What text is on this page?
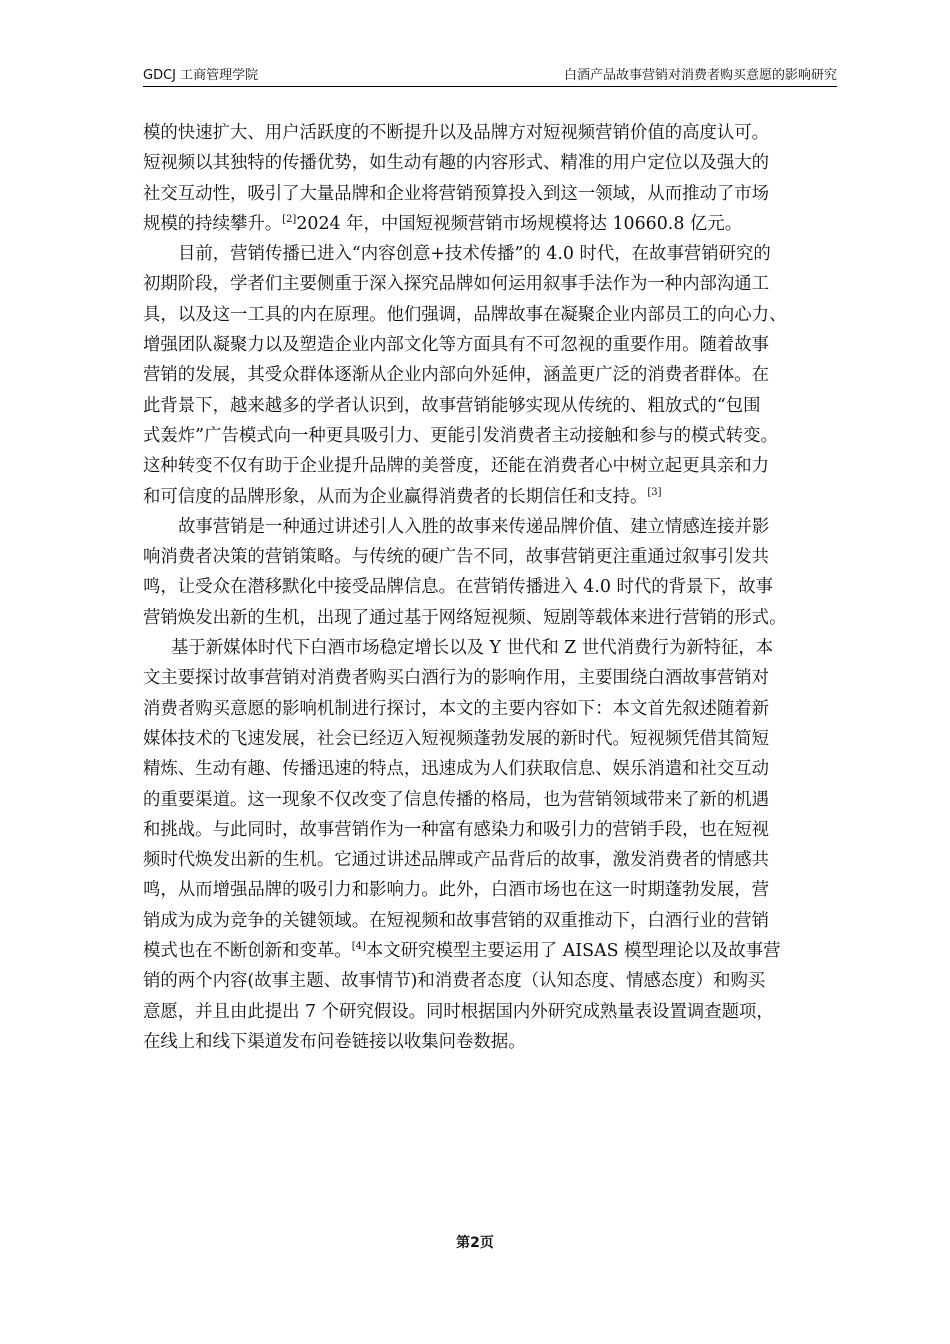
GDCJ 工商管理学院	白酒产品故事营销对消费者购买意愿的影响研究
模的快速扩大、用户活跃度的不断提升以及品牌方对短视频营销价值的高度认可。
短视频以其独特的传播优势，如生动有趣的内容形式、精准的用户定位以及强大的
社交互动性，吸引了大量品牌和企业将营销预算投入到这一领域，从而推动了市场
规模的持续攀升。[2]2024 年，中国短视频营销市场规模将达 10660.8 亿元。
目前，营销传播已进入“内容创意+技术传播”的 4.0 时代，在故事营销研究的
初期阶段，学者们主要侧重于深入探究品牌如何运用叙事手法作为一种内部沟通工
具，以及这一工具的内在原理。他们强调，品牌故事在凝聚企业内部员工的向心力、
增强团队凝聚力以及塑造企业内部文化等方面具有不可忽视的重要作用。随着故事
营销的发展，其受众群体逐渐从企业内部向外延伸，涵盖更广泛的消费者群体。在
此背景下，越来越多的学者认识到，故事营销能够实现从传统的、粗放式的“包围
式轰炸”广告模式向一种更具吸引力、更能引发消费者主动接触和参与的模式转变。
这种转变不仅有助于企业提升品牌的美誉度，还能在消费者心中树立起更具亲和力
和可信度的品牌形象，从而为企业赢得消费者的长期信任和支持。[3]
故事营销是一种通过讲述引人入胜的故事来传递品牌价值、建立情感连接并影
响消费者决策的营销策略。与传统的硬广告不同，故事营销更注重通过叙事引发共
鸣，让受众在潜移默化中接受品牌信息。在营销传播进入 4.0 时代的背景下，故事
营销焕发出新的生机，出现了通过基于网络短视频、短剧等载体来进行营销的形式。
基于新媒体时代下白酒市场稳定增长以及 Y 世代和 Z 世代消费行为新特征，本
文主要探讨故事营销对消费者购买白酒行为的影响作用，主要围绕白酒故事营销对
消费者购买意愿的影响机制进行探讨，本文的主要内容如下：本文首先叙述随着新
媒体技术的飞速发展，社会已经迈入短视频蓬勃发展的新时代。短视频凭借其简短
精炼、生动有趣、传播迅速的特点，迅速成为人们获取信息、娱乐消遣和社交互动
的重要渠道。这一现象不仅改变了信息传播的格局，也为营销领域带来了新的机遇
和挑战。与此同时，故事营销作为一种富有感染力和吸引力的营销手段，也在短视
频时代焕发出新的生机。它通过讲述品牌或产品背后的故事，激发消费者的情感共
鸣，从而增强品牌的吸引力和影响力。此外，白酒市场也在这一时期蓬勃发展，营
销成为成为竞争的关键领域。在短视频和故事营销的双重推动下，白酒行业的营销
模式也在不断创新和变革。[4]本文研究模型主要运用了 AISAS 模型理论以及故事营
销的两个内容(故事主题、故事情节)和消费者态度（认知态度、情感态度）和购买
意愿，并且由此提出 7 个研究假设。同时根据国内外研究成熟量表设置调查题项，
在线上和线下渠道发布问卷链接以收集问卷数据。
第2页
